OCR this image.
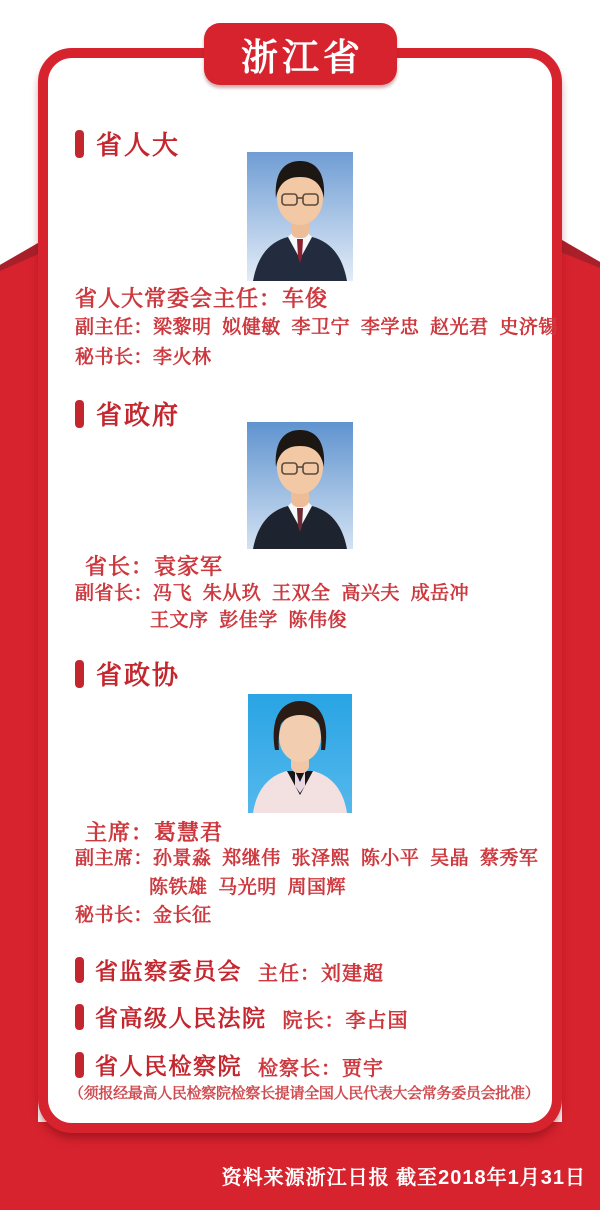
浙江省
省人大
省人大常委会主任：车俊
副主任：梁黎明 姒健敏 李卫宁 李学忠 赵光君 史济锡
秘书长：李火林
省政府
省长：袁家军
副省长：冯飞 朱从玖 王双全 高兴夫 成岳冲
王文序 彭佳学 陈伟俊
省政协
主席：葛慧君
副主席：孙景淼 郑继伟 张泽熙 陈小平 吴晶 蔡秀军
陈铁雄 马光明 周国辉
秘书长：金长征
省监察委员会 主任：刘建超
省高级人民法院 院长：李占国
省人民检察院 检察长：贾宇
（须报经最高人民检察院检察长提请全国人民代表大会常务委员会批准）
资料来源浙江日报 截至2018年1月31日
